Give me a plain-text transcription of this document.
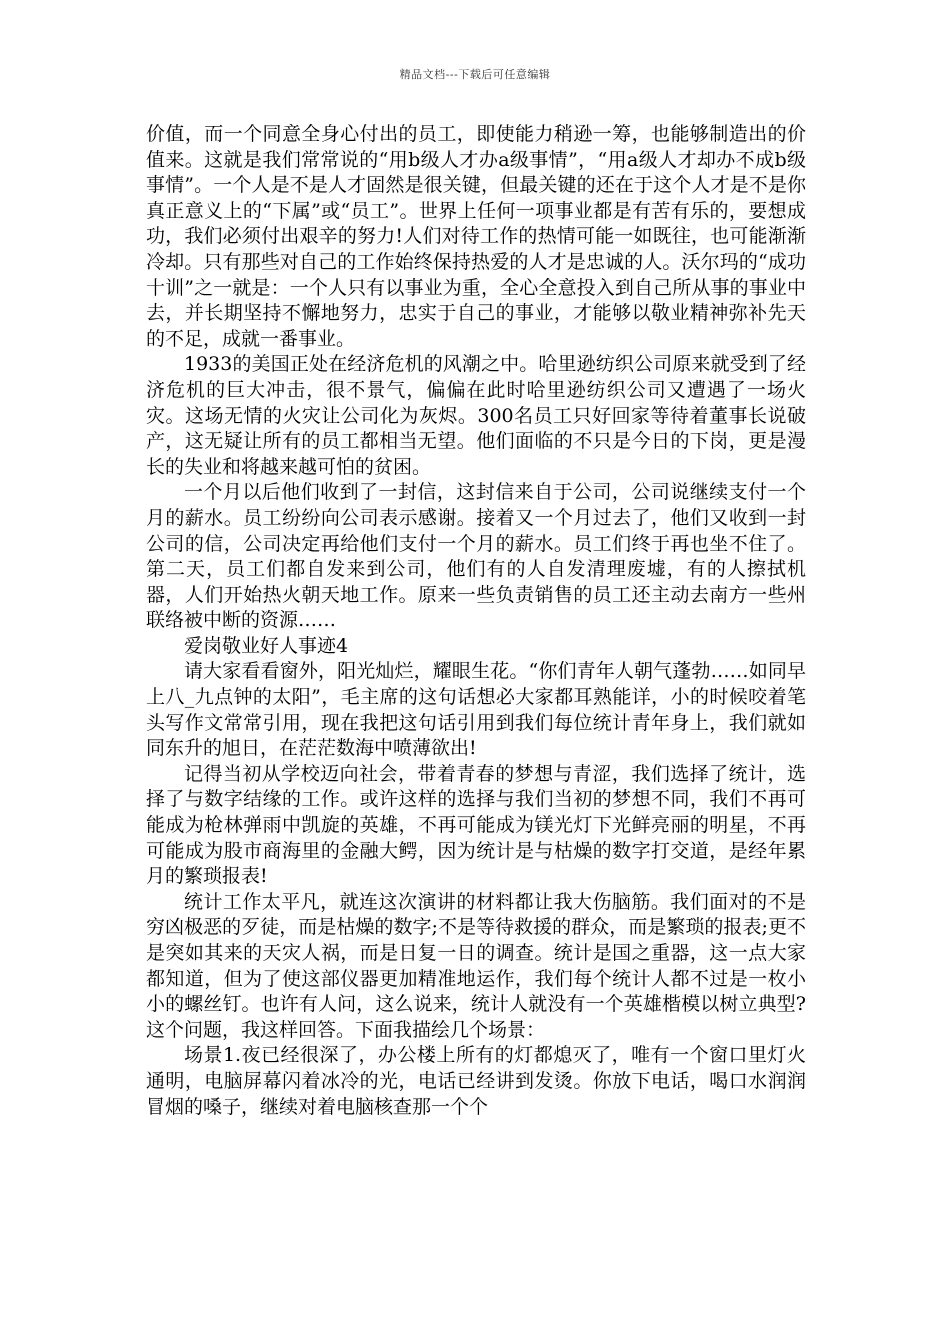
精品文档---下载后可任意编辑

价值，而一个同意全身心付出的员工，即使能力稍逊一筹，也能够制造出的价值来。这就是我们常常说的“用b级人才办a级事情”，“用a级人才却办不成b级事情”。一个人是不是人才固然是很关键，但最关键的还在于这个人才是不是你真正意义上的“下属”或“员工”。世界上任何一项事业都是有苦有乐的，要想成功，我们必须付出艰辛的努力!人们对待工作的热情可能一如既往，也可能渐渐冷却。只有那些对自己的工作始终保持热爱的人才是忠诚的人。沃尔玛的“成功十训”之一就是：一个人只有以事业为重，全心全意投入到自己所从事的事业中去，并长期坚持不懈地努力，忠实于自己的事业，才能够以敬业精神弥补先天的不足，成就一番事业。

1933的美国正处在经济危机的风潮之中。哈里逊纺织公司原来就受到了经济危机的巨大冲击，很不景气，偏偏在此时哈里逊纺织公司又遭遇了一场火灾。这场无情的火灾让公司化为灰烬。300名员工只好回家等待着董事长说破产，这无疑让所有的员工都相当无望。他们面临的不只是今日的下岗，更是漫长的失业和将越来越可怕的贫困。

一个月以后他们收到了一封信，这封信来自于公司，公司说继续支付一个月的薪水。员工纷纷向公司表示感谢。接着又一个月过去了，他们又收到一封公司的信，公司决定再给他们支付一个月的薪水。员工们终于再也坐不住了。第二天，员工们都自发来到公司，他们有的人自发清理废墟，有的人擦拭机器，人们开始热火朝天地工作。原来一些负责销售的员工还主动去南方一些州联络被中断的资源……

爱岗敬业好人事迹4

请大家看看窗外，阳光灿烂，耀眼生花。“你们青年人朝气蓬勃……如同早上八_九点钟的太阳”，毛主席的这句话想必大家都耳熟能详，小的时候咬着笔头写作文常常引用，现在我把这句话引用到我们每位统计青年身上，我们就如同东升的旭日，在茫茫数海中喷薄欲出!

记得当初从学校迈向社会，带着青春的梦想与青涩，我们选择了统计，选择了与数字结缘的工作。或许这样的选择与我们当初的梦想不同，我们不再可能成为枪林弹雨中凯旋的英雄，不再可能成为镁光灯下光鲜亮丽的明星，不再可能成为股市商海里的金融大鳄，因为统计是与枯燥的数字打交道，是经年累月的繁琐报表!

统计工作太平凡，就连这次演讲的材料都让我大伤脑筋。我们面对的不是穷凶极恶的歹徒，而是枯燥的数字;不是等待救援的群众，而是繁琐的报表;更不是突如其来的天灾人祸，而是日复一日的调查。统计是国之重器，这一点大家都知道，但为了使这部仪器更加精准地运作，我们每个统计人都不过是一枚小小的螺丝钉。也许有人问，这么说来，统计人就没有一个英雄楷模以树立典型?这个问题，我这样回答。下面我描绘几个场景：

场景1.夜已经很深了，办公楼上所有的灯都熄灭了，唯有一个窗口里灯火通明，电脑屏幕闪着冰冷的光，电话已经讲到发烫。你放下电话，喝口水润润冒烟的嗓子，继续对着电脑核查那一个个
